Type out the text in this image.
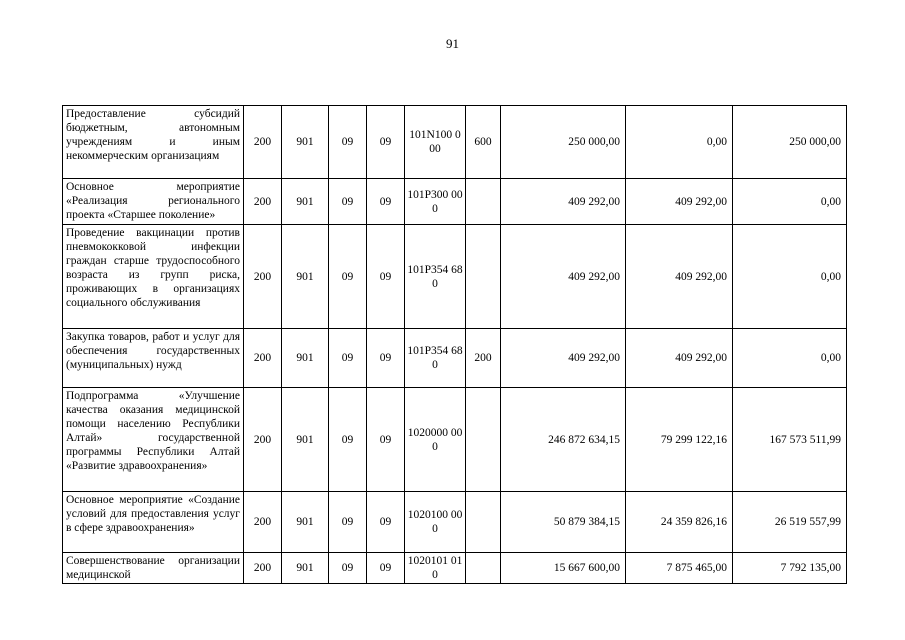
91
Предоставление субсидий бюджетным, автономным учреждениям и иным некоммерческим организациям	200	901	09	09	101N100 000	600	250 000,00	0,00	250 000,00
Основное мероприятие «Реализация регионального проекта «Старшее поколение»	200	901	09	09	101P300 000		409 292,00	409 292,00	0,00
Проведение вакцинации против пневмококковой инфекции граждан старше трудоспособного возраста из групп риска, проживающих в организациях социального обслуживания	200	901	09	09	101P354 680		409 292,00	409 292,00	0,00
Закупка товаров, работ и услуг для обеспечения государственных (муниципальных) нужд	200	901	09	09	101P354 680	200	409 292,00	409 292,00	0,00
Подпрограмма «Улучшение качества оказания медицинской помощи населению Республики Алтай» государственной программы Республики Алтай «Развитие здравоохранения»	200	901	09	09	1020000 000		246 872 634,15	79 299 122,16	167 573 511,99
Основное мероприятие «Создание условий для предоставления услуг в сфере здравоохранения»	200	901	09	09	1020100 000		50 879 384,15	24 359 826,16	26 519 557,99
Совершенствование организации медицинской	200	901	09	09	1020101 010		15 667 600,00	7 875 465,00	7 792 135,00
